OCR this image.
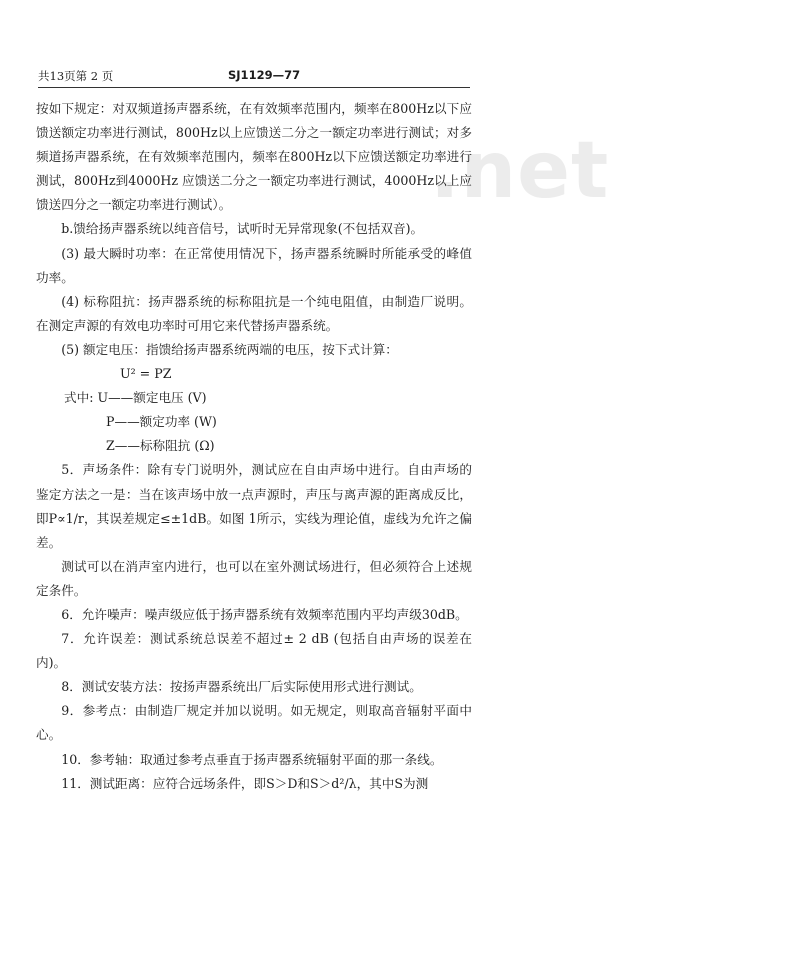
.net
共13页第 2 页	SJ1129—77

按如下规定：对双频道扬声器系统，在有效频率范围内，频率在800Hz以下应馈送额定功率进行测试，800Hz以上应馈送二分之一额定功率进行测试；对多频道扬声器系统，在有效频率范围内，频率在800Hz以下应馈送额定功率进行测试，800Hz到4000Hz 应馈送二分之一额定功率进行测试，4000Hz以上应馈送四分之一额定功率进行测试）。

b.馈给扬声器系统以纯音信号，试听时无异常现象(不包括双音)。

(3) 最大瞬时功率：在正常使用情况下，扬声器系统瞬时所能承受的峰值功率。

(4) 标称阻抗：扬声器系统的标称阻抗是一个纯电阻值，由制造厂说明。在测定声源的有效电功率时可用它来代替扬声器系统。

(5) 额定电压：指馈给扬声器系统两端的电压，按下式计算：

U² = PZ

式中: U——额定电压 (V)

P——额定功率 (W)

Z——标称阻抗 (Ω)

5．声场条件：除有专门说明外，测试应在自由声场中进行。自由声场的鉴定方法之一是：当在该声场中放一点声源时，声压与离声源的距离成反比，即P∝1/r，其误差规定≤±1dB。如图 1所示，实线为理论值，虚线为允许之偏差。

测试可以在消声室内进行，也可以在室外测试场进行，但必须符合上述规定条件。

6．允许噪声：噪声级应低于扬声器系统有效频率范围内平均声级30dB。

7．允许误差：测试系统总误差不超过± 2 dB (包括自由声场的误差在内)。

8．测试安装方法：按扬声器系统出厂后实际使用形式进行测试。

9．参考点：由制造厂规定并加以说明。如无规定，则取高音辐射平面中心。

10．参考轴：取通过参考点垂直于扬声器系统辐射平面的那一条线。

11．测试距离：应符合远场条件，即S＞D和S＞d²/λ，其中S为测
